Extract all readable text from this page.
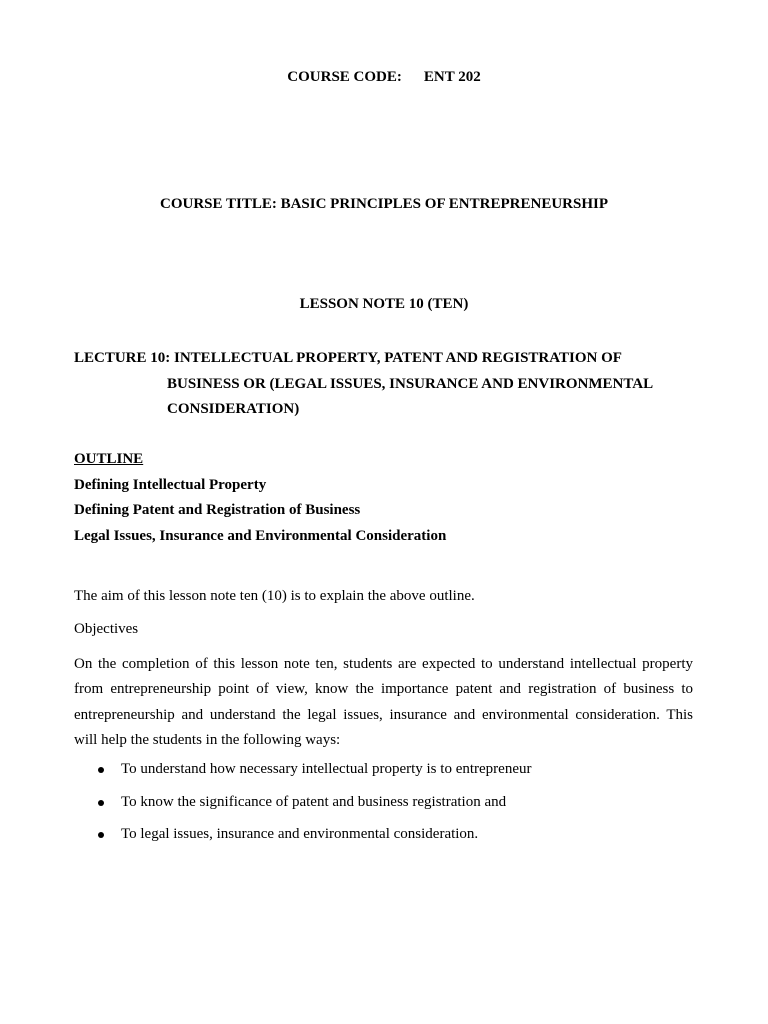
COURSE CODE: ENT 202
COURSE TITLE: BASIC PRINCIPLES OF ENTREPRENEURSHIP
LESSON NOTE 10 (TEN)
LECTURE 10: INTELLECTUAL PROPERTY, PATENT AND REGISTRATION OF
BUSINESS OR (LEGAL ISSUES, INSURANCE AND ENVIRONMENTAL
CONSIDERATION)
OUTLINE
Defining Intellectual Property
Defining Patent and Registration of Business
Legal Issues, Insurance and Environmental Consideration
The aim of this lesson note ten (10) is to explain the above outline.
Objectives
On the completion of this lesson note ten, students are expected to understand intellectual property
from entrepreneurship point of view, know the importance patent and registration of business to
entrepreneurship and understand the legal issues, insurance and environmental consideration. This
will help the students in the following ways:
To understand how necessary intellectual property is to entrepreneur
To know the significance of patent and business registration and
To legal issues, insurance and environmental consideration.
